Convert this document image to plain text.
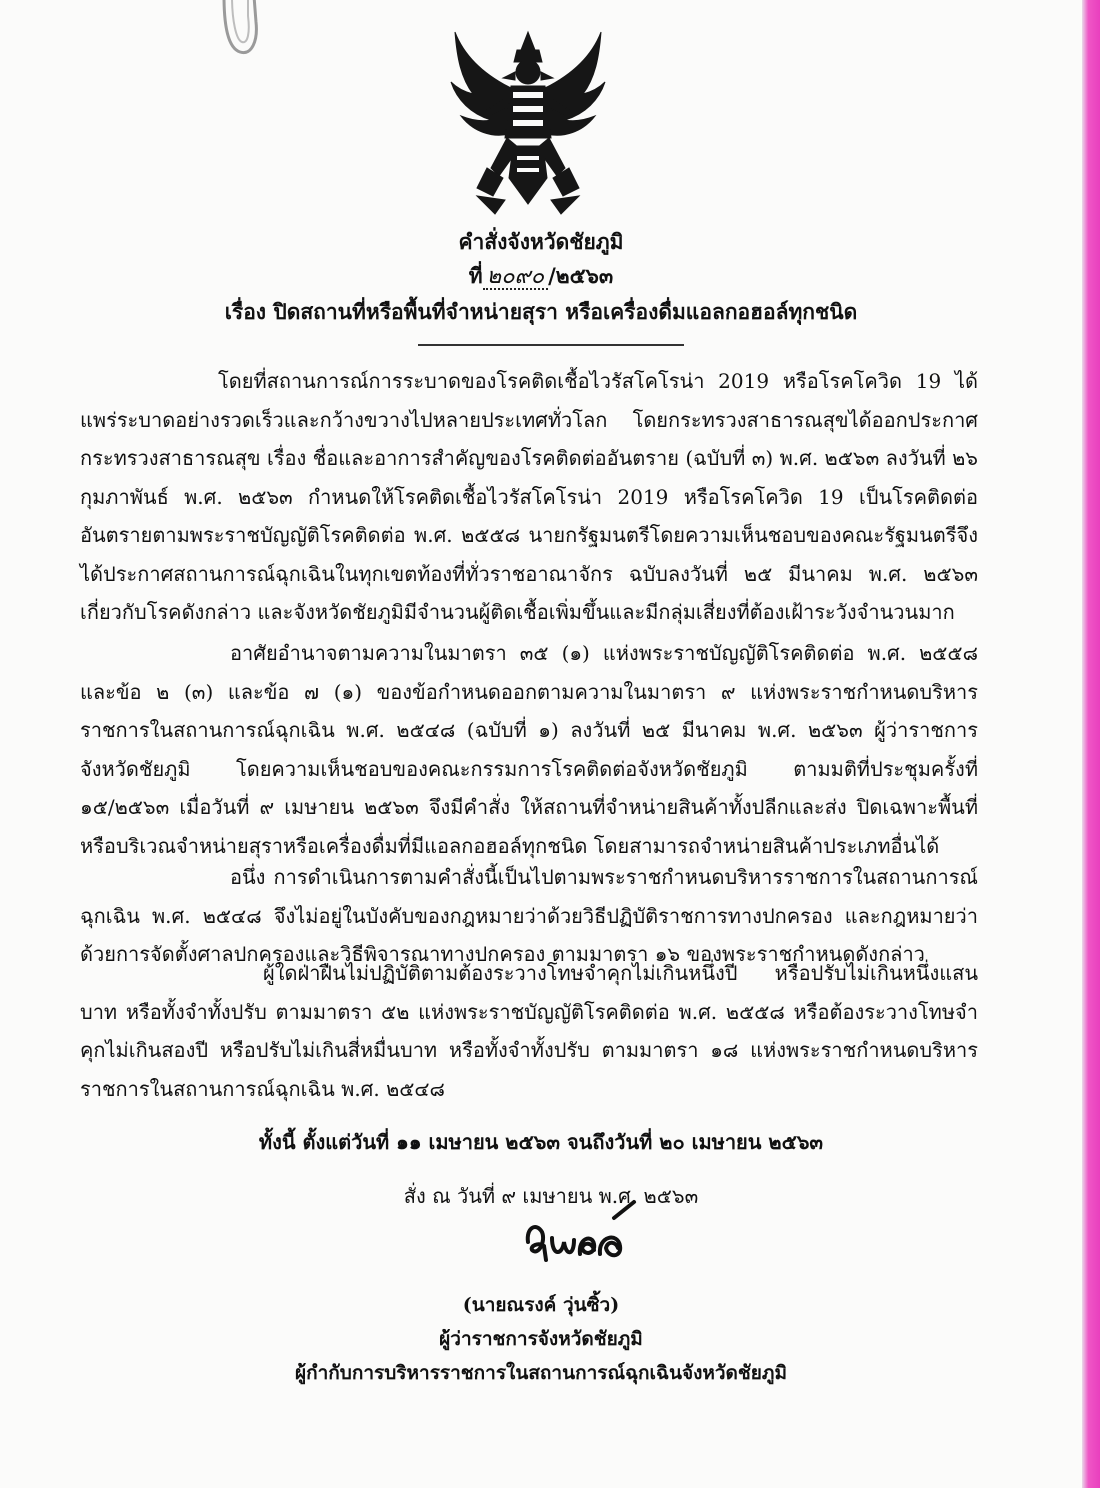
คำสั่งจังหวัดชัยภูมิ
ที่ ๒๐๙๐ /๒๕๖๓
เรื่อง ปิดสถานที่หรือพื้นที่จำหน่ายสุรา หรือเครื่องดื่มแอลกอฮอล์ทุกชนิด
โดยที่สถานการณ์การระบาดของโรคติดเชื้อไวรัสโคโรน่า 2019 หรือโรคโควิด 19 ได้แพร่ระบาดอย่างรวดเร็วและกว้างขวางไปหลายประเทศทั่วโลก โดยกระทรวงสาธารณสุขได้ออกประกาศกระทรวงสาธารณสุข เรื่อง ชื่อและอาการสำคัญของโรคติดต่ออันตราย (ฉบับที่ ๓) พ.ศ. ๒๕๖๓ ลงวันที่ ๒๖ กุมภาพันธ์ พ.ศ. ๒๕๖๓ กำหนดให้โรคติดเชื้อไวรัสโคโรน่า 2019 หรือโรคโควิด 19 เป็นโรคติดต่ออันตรายตามพระราชบัญญัติโรคติดต่อ พ.ศ. ๒๕๕๘ นายกรัฐมนตรีโดยความเห็นชอบของคณะรัฐมนตรีจึงได้ประกาศสถานการณ์ฉุกเฉินในทุกเขตท้องที่ทั่วราชอาณาจักร ฉบับลงวันที่ ๒๕ มีนาคม พ.ศ. ๒๕๖๓ เกี่ยวกับโรคดังกล่าว และจังหวัดชัยภูมิมีจำนวนผู้ติดเชื้อเพิ่มขึ้นและมีกลุ่มเสี่ยงที่ต้องเฝ้าระวังจำนวนมาก
อาศัยอำนาจตามความในมาตรา ๓๕ (๑) แห่งพระราชบัญญัติโรคติดต่อ พ.ศ. ๒๕๕๘ และข้อ ๒ (๓) และข้อ ๗ (๑) ของข้อกำหนดออกตามความในมาตรา ๙ แห่งพระราชกำหนดบริหารราชการในสถานการณ์ฉุกเฉิน พ.ศ. ๒๕๔๘ (ฉบับที่ ๑) ลงวันที่ ๒๕ มีนาคม พ.ศ. ๒๕๖๓ ผู้ว่าราชการจังหวัดชัยภูมิ โดยความเห็นชอบของคณะกรรมการโรคติดต่อจังหวัดชัยภูมิ ตามมติที่ประชุมครั้งที่ ๑๕/๒๕๖๓ เมื่อวันที่ ๙ เมษายน ๒๕๖๓ จึงมีคำสั่ง ให้สถานที่จำหน่ายสินค้าทั้งปลีกและส่ง ปิดเฉพาะพื้นที่หรือบริเวณจำหน่ายสุราหรือเครื่องดื่มที่มีแอลกอฮอล์ทุกชนิด โดยสามารถจำหน่ายสินค้าประเภทอื่นได้
อนึ่ง การดำเนินการตามคำสั่งนี้เป็นไปตามพระราชกำหนดบริหารราชการในสถานการณ์ฉุกเฉิน พ.ศ. ๒๕๔๘ จึงไม่อยู่ในบังคับของกฎหมายว่าด้วยวิธีปฏิบัติราชการทางปกครอง และกฎหมายว่าด้วยการจัดตั้งศาลปกครองและวิธีพิจารณาทางปกครอง ตามมาตรา ๑๖ ของพระราชกำหนดดังกล่าว
ผู้ใดฝ่าฝืนไม่ปฏิบัติตามต้องระวางโทษจำคุกไม่เกินหนึ่งปี หรือปรับไม่เกินหนึ่งแสนบาท หรือทั้งจำทั้งปรับ ตามมาตรา ๕๒ แห่งพระราชบัญญัติโรคติดต่อ พ.ศ. ๒๕๕๘ หรือต้องระวางโทษจำคุกไม่เกินสองปี หรือปรับไม่เกินสี่หมื่นบาท หรือทั้งจำทั้งปรับ ตามมาตรา ๑๘ แห่งพระราชกำหนดบริหารราชการในสถานการณ์ฉุกเฉิน พ.ศ. ๒๕๔๘
ทั้งนี้ ตั้งแต่วันที่ ๑๑ เมษายน ๒๕๖๓ จนถึงวันที่ ๒๐ เมษายน ๒๕๖๓
สั่ง ณ วันที่ ๙ เมษายน พ.ศ. ๒๕๖๓
(นายณรงค์ วุ่นซิ้ว)
ผู้ว่าราชการจังหวัดชัยภูมิ
ผู้กำกับการบริหารราชการในสถานการณ์ฉุกเฉินจังหวัดชัยภูมิ
